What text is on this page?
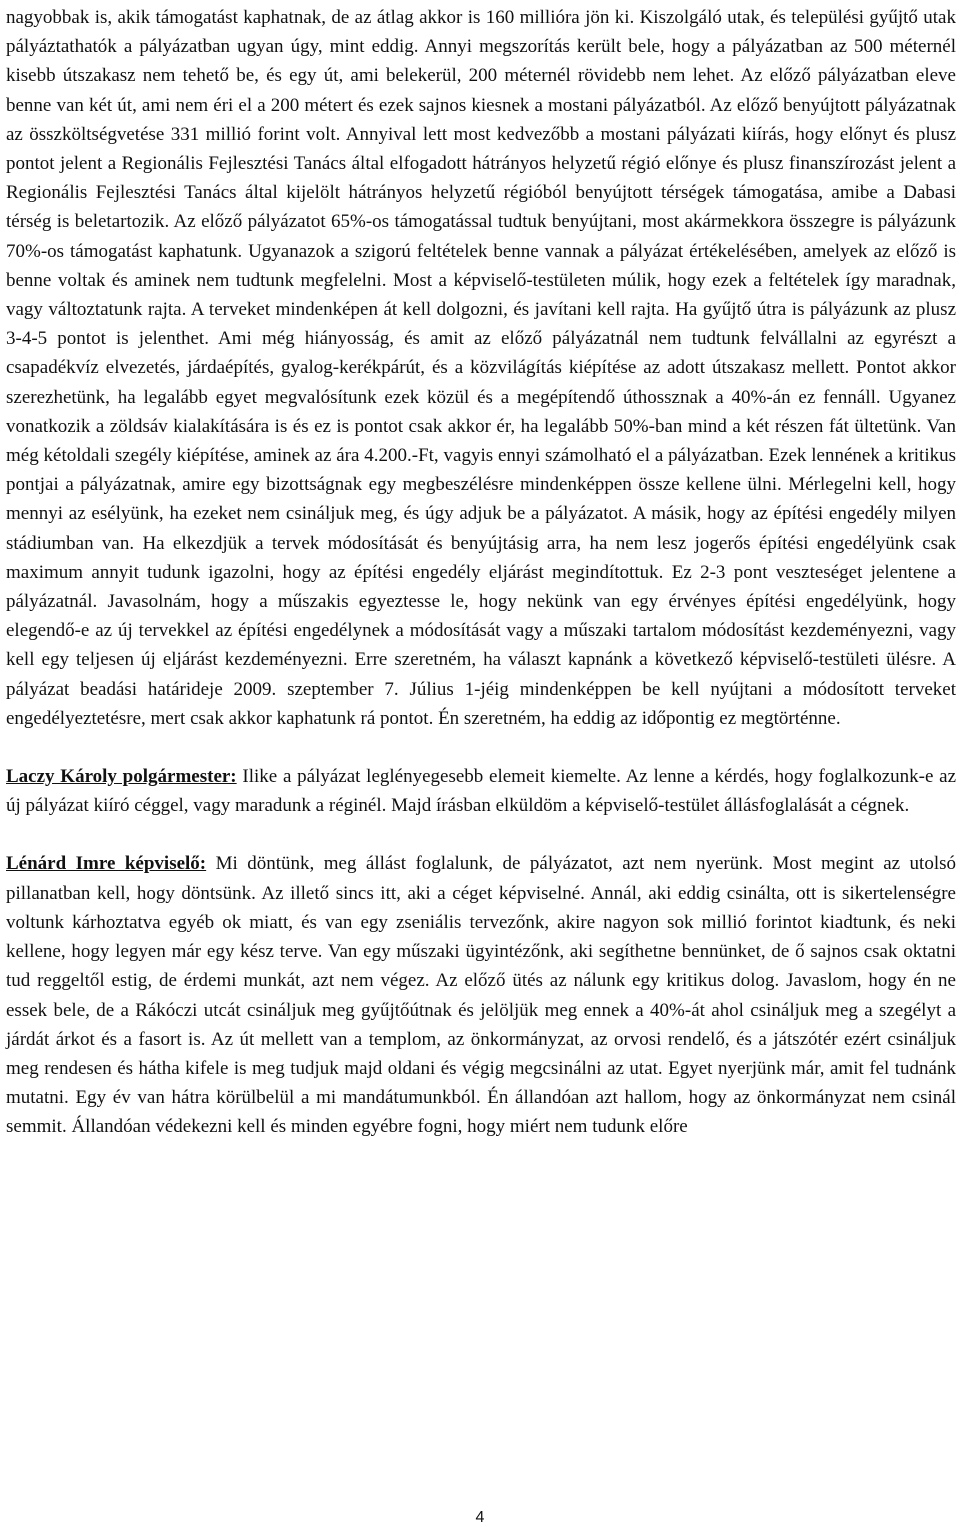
nagyobbak is, akik támogatást kaphatnak, de az átlag akkor is 160 millióra jön ki. Kiszolgáló utak, és települési gyűjtő utak pályáztathatók a pályázatban ugyan úgy, mint eddig. Annyi megszorítás került bele, hogy a pályázatban az 500 méternél kisebb útszakasz nem tehető be, és egy út, ami belekerül, 200 méternél rövidebb nem lehet. Az előző pályázatban eleve benne van két út, ami nem éri el a 200 métert és ezek sajnos kiesnek a mostani pályázatból. Az előző benyújtott pályázatnak az összköltségvetése 331 millió forint volt. Annyival lett most kedvezőbb a mostani pályázati kiírás, hogy előnyt és plusz pontot jelent a Regionális Fejlesztési Tanács által elfogadott hátrányos helyzetű régió előnye és plusz finanszírozást jelent a Regionális Fejlesztési Tanács által kijelölt hátrányos helyzetű régióból benyújtott térségek támogatása, amibe a Dabasi térség is beletartozik. Az előző pályázatot 65%-os támogatással tudtuk benyújtani, most akármekkora összegre is pályázunk 70%-os támogatást kaphatunk. Ugyanazok a szigorú feltételek benne vannak a pályázat értékelésében, amelyek az előző is benne voltak és aminek nem tudtunk megfelelni. Most a képviselő-testületen múlik, hogy ezek a feltételek így maradnak, vagy változtatunk rajta. A terveket mindenképen át kell dolgozni, és javítani kell rajta. Ha gyűjtő útra is pályázunk az plusz 3-4-5 pontot is jelenthet. Ami még hiányosság, és amit az előző pályázatnál nem tudtunk felvállalni az egyrészt a csapadékvíz elvezetés, járdaépítés, gyalog-kerékpárút, és a közvilágítás kiépítése az adott útszakasz mellett. Pontot akkor szerezhetünk, ha legalább egyet megvalósítunk ezek közül és a megépítendő úthossznak a 40%-án ez fennáll. Ugyanez vonatkozik a zöldsáv kialakítására is és ez is pontot csak akkor ér, ha legalább 50%-ban mind a két részen fát ültetünk. Van még kétoldali szegély kiépítése, aminek az ára 4.200.-Ft, vagyis ennyi számolható el a pályázatban. Ezek lennének a kritikus pontjai a pályázatnak, amire egy bizottságnak egy megbeszélésre mindenképpen össze kellene ülni. Mérlegelni kell, hogy mennyi az esélyünk, ha ezeket nem csináljuk meg, és úgy adjuk be a pályázatot. A másik, hogy az építési engedély milyen stádiumban van. Ha elkezdjük a tervek módosítását és benyújtásig arra, ha nem lesz jogerős építési engedélyünk csak maximum annyit tudunk igazolni, hogy az építési engedély eljárást megindítottuk. Ez 2-3 pont veszteséget jelentene a pályázatnál. Javasolnám, hogy a műszakis egyeztesse le, hogy nekünk van egy érvényes építési engedélyünk, hogy elegendő-e az új tervekkel az építési engedélynek a módosítását vagy a műszaki tartalom módosítást kezdeményezni, vagy kell egy teljesen új eljárást kezdeményezni. Erre szeretném, ha választ kapnánk a következő képviselő-testületi ülésre. A pályázat beadási határideje 2009. szeptember 7. Július 1-jéig mindenképpen be kell nyújtani a módosított terveket engedélyeztetésre, mert csak akkor kaphatunk rá pontot. Én szeretném, ha eddig az időpontig ez megtörténne.

Laczy Károly polgármester: Ilike a pályázat leglényegesebb elemeit kiemelte. Az lenne a kérdés, hogy foglalkozunk-e az új pályázat kiíró céggel, vagy maradunk a réginél. Majd írásban elküldöm a képviselő-testület állásfoglalását a cégnek.

Lénárd Imre képviselő: Mi döntünk, meg állást foglalunk, de pályázatot, azt nem nyerünk. Most megint az utolsó pillanatban kell, hogy döntsünk. Az illető sincs itt, aki a céget képviselné. Annál, aki eddig csinálta, ott is sikertelenségre voltunk kárhoztatva egyéb ok miatt, és van egy zseniális tervezőnk, akire nagyon sok millió forintot kiadtunk, és neki kellene, hogy legyen már egy kész terve. Van egy műszaki ügyintézőnk, aki segíthetne bennünket, de ő sajnos csak oktatni tud reggeltől estig, de érdemi munkát, azt nem végez. Az előző ütés az nálunk egy kritikus dolog. Javaslom, hogy én ne essek bele, de a Rákóczi utcát csináljuk meg gyűjtőútnak és jelöljük meg ennek a 40%-át ahol csináljuk meg a szegélyt a járdát árkot és a fasort is. Az út mellett van a templom, az önkormányzat, az orvosi rendelő, és a játszótér ezért csináljuk meg rendesen és hátha kifele is meg tudjuk majd oldani és végig megcsinálni az utat. Egyet nyerjünk már, amit fel tudnánk mutatni. Egy év van hátra körülbelül a mi mandátumunkból. Én állandóan azt hallom, hogy az önkormányzat nem csinál semmit. Állandóan védekezni kell és minden egyébre fogni, hogy miért nem tudunk előre

4
